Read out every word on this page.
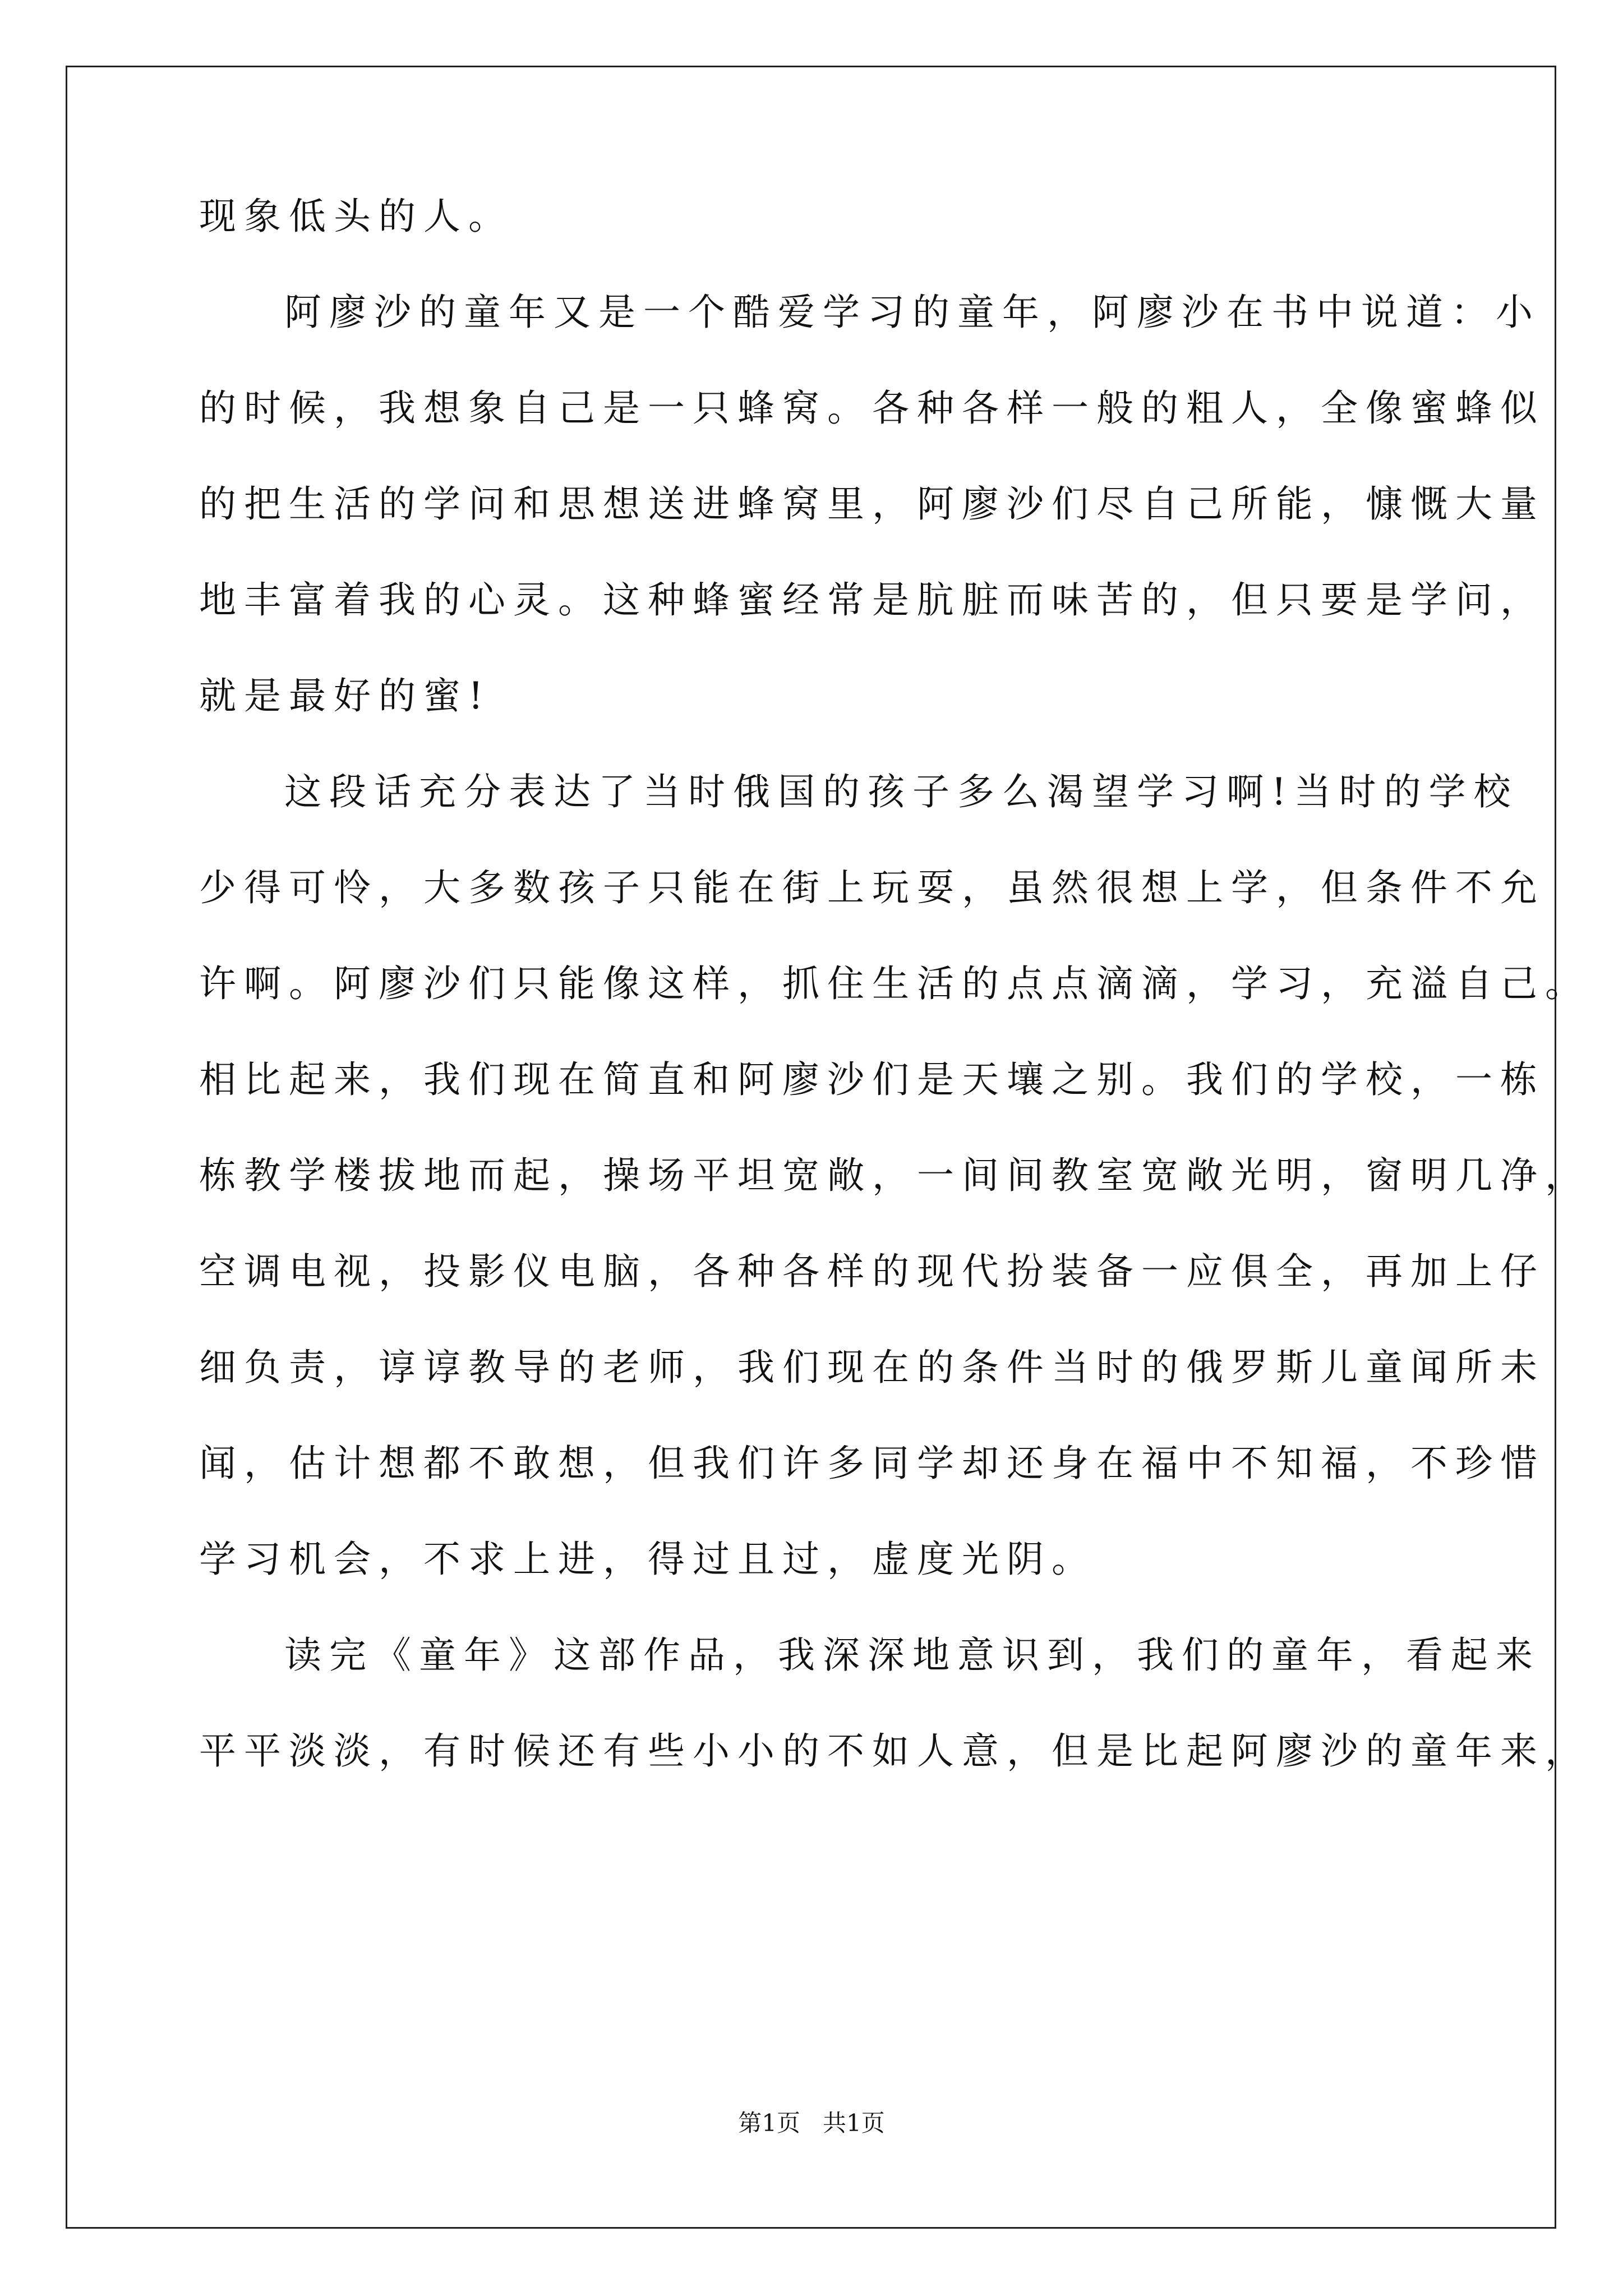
现象低头的人。
阿廖沙的童年又是一个酷爱学习的童年，阿廖沙在书中说道：小
的时候，我想象自己是一只蜂窝。各种各样一般的粗人，全像蜜蜂似
的把生活的学问和思想送进蜂窝里，阿廖沙们尽自己所能，慷慨大量
地丰富着我的心灵。这种蜂蜜经常是肮脏而味苦的，但只要是学问，
就是最好的蜜!
这段话充分表达了当时俄国的孩子多么渴望学习啊!当时的学校
少得可怜，大多数孩子只能在街上玩耍，虽然很想上学，但条件不允
许啊。阿廖沙们只能像这样，抓住生活的点点滴滴，学习，充溢自己。
相比起来，我们现在简直和阿廖沙们是天壤之别。我们的学校，一栋
栋教学楼拔地而起，操场平坦宽敞，一间间教室宽敞光明，窗明几净，
空调电视，投影仪电脑，各种各样的现代扮装备一应俱全，再加上仔
细负责，谆谆教导的老师，我们现在的条件当时的俄罗斯儿童闻所未
闻，估计想都不敢想，但我们许多同学却还身在福中不知福，不珍惜
学习机会，不求上进，得过且过，虚度光阴。
读完《童年》这部作品，我深深地意识到，我们的童年，看起来
平平淡淡，有时候还有些小小的不如人意，但是比起阿廖沙的童年来，
第1页   共1页
